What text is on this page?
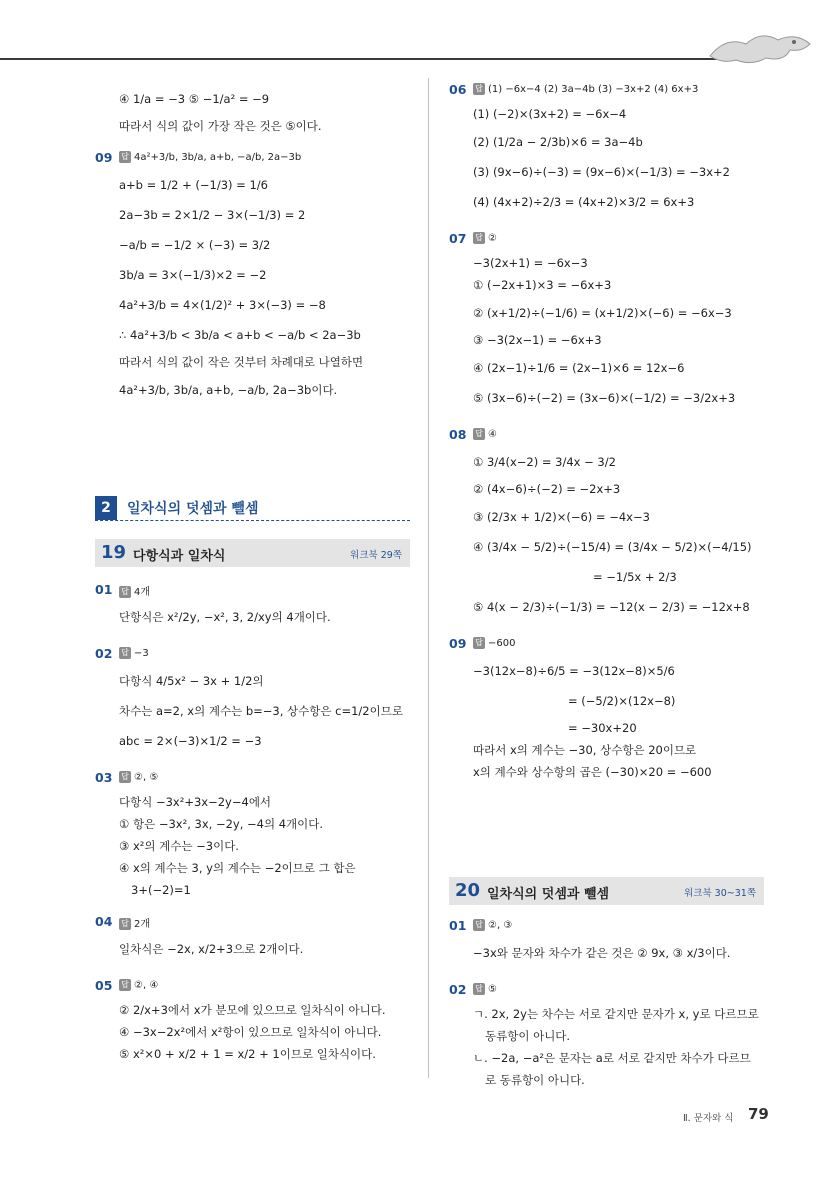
④ 1/a = −3 ⑤ −1/a² = −9
따라서 식의 값이 가장 작은 것은 ⑤이다.
09	답 4a²+3/b, 3b/a, a+b, −a/b, 2a−3b
a+b = 1/2 + (−1/3) = 1/6
2a−3b = 2×1/2 − 3×(−1/3) = 2
−a/b = −1/2 × (−3) = 3/2
3b/a = 3×(−1/3)×2 = −2
4a²+3/b = 4×(1/2)² + 3×(−3) = −8
∴ 4a²+3/b < 3b/a < a+b < −a/b < 2a−3b
따라서 식의 값이 작은 것부터 차례대로 나열하면
4a²+3/b, 3b/a, a+b, −a/b, 2a−3b이다.
2	일차식의 덧셈과 뺄셈
19 다항식과 일차식	워크북 29쪽
01	답 4개
단항식은 x²/2y, −x², 3, 2/xy의 4개이다.
02	답 −3
다항식 4/5x² − 3x + 1/2의
차수는 a=2, x의 계수는 b=−3, 상수항은 c=1/2이므로
abc = 2×(−3)×1/2 = −3
03	답 ②, ⑤
다항식 −3x²+3x−2y−4에서
① 항은 −3x², 3x, −2y, −4의 4개이다.
③ x²의 계수는 −3이다.
④ x의 계수는 3, y의 계수는 −2이므로 그 합은
3+(−2)=1
04	답 2개
일차식은 −2x, x/2+3으로 2개이다.
05	답 ②, ④
② 2/x+3에서 x가 분모에 있으므로 일차식이 아니다.
④ −3x−2x²에서 x²항이 있으므로 일차식이 아니다.
⑤ x²×0 + x/2 + 1 = x/2 + 1이므로 일차식이다.
06	답 (1) −6x−4 (2) 3a−4b (3) −3x+2 (4) 6x+3
(1) (−2)×(3x+2) = −6x−4
(2) (1/2a − 2/3b)×6 = 3a−4b
(3) (9x−6)÷(−3) = (9x−6)×(−1/3) = −3x+2
(4) (4x+2)÷2/3 = (4x+2)×3/2 = 6x+3
07	답 ②
−3(2x+1) = −6x−3
① (−2x+1)×3 = −6x+3
② (x+1/2)÷(−1/6) = (x+1/2)×(−6) = −6x−3
③ −3(2x−1) = −6x+3
④ (2x−1)÷1/6 = (2x−1)×6 = 12x−6
⑤ (3x−6)÷(−2) = (3x−6)×(−1/2) = −3/2x+3
08	답 ④
① 3/4(x−2) = 3/4x − 3/2
② (4x−6)÷(−2) = −2x+3
③ (2/3x + 1/2)×(−6) = −4x−3
④ (3/4x − 5/2)÷(−15/4) = (3/4x − 5/2)×(−4/15)
= −1/5x + 2/3
⑤ 4(x − 2/3)÷(−1/3) = −12(x − 2/3) = −12x+8
09	답 −600
−3(12x−8)÷6/5 = −3(12x−8)×5/6
= (−5/2)×(12x−8)
= −30x+20
따라서 x의 계수는 −30, 상수항은 20이므로
x의 계수와 상수항의 곱은 (−30)×20 = −600
20 일차식의 덧셈과 뺄셈	워크북 30~31쪽
01	답 ②, ③
−3x와 문자와 차수가 같은 것은 ② 9x, ③ x/3이다.
02	답 ⑤
ㄱ. 2x, 2y는 차수는 서로 같지만 문자가 x, y로 다르므로
동류항이 아니다.
ㄴ. −2a, −a²은 문자는 a로 서로 같지만 차수가 다르므
로 동류항이 아니다.
Ⅱ. 문자와 식 79
